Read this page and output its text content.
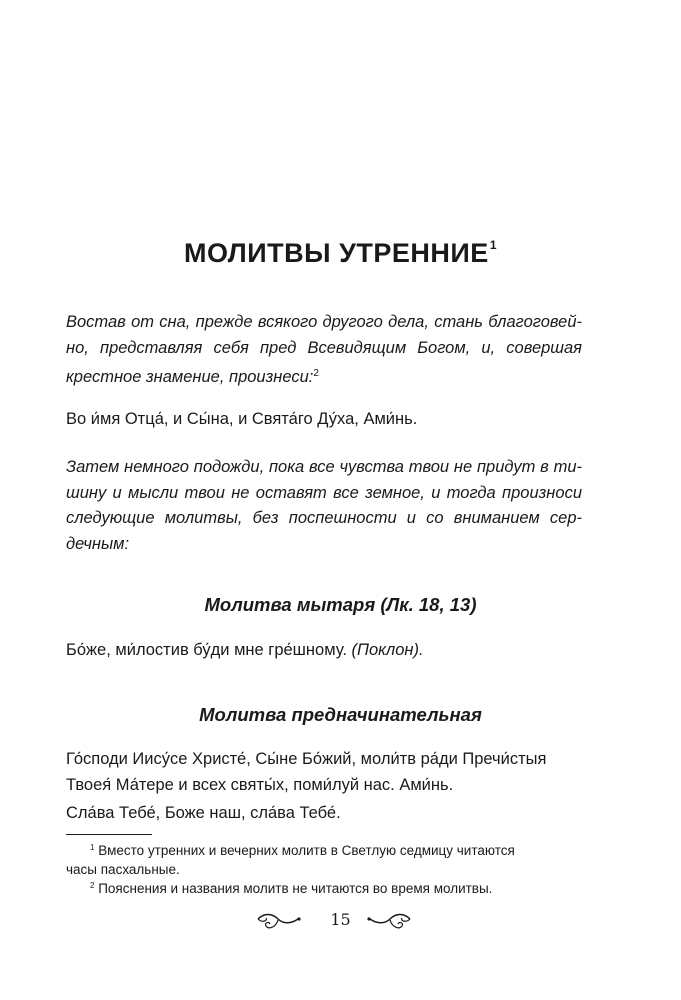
МОЛИТВЫ УТРЕННИЕ$^1$
Востав от сна, прежде всякого другого дела, стань благоговей-
но, представляя себя пред Всевидящим Богом, и, совершая
крестное знамение, произнеси:$^2$
Во и́мя Отца́, и Сы́на, и Свята́го Ду́ха, Ами́нь.
Затем немного подожди, пока все чувства твои не придут в ти-
шину и мысли твои не оставят все земное, и тогда произноси
следующие молитвы, без поспешности и со вниманием сер-
дечным:
Молитва мытаря (Лк. 18, 13)
Бо́же, ми́лостив бу́ди мне гре́шному. (Поклон).
Молитва предначинательная
Го́споди Иису́се Христе́, Сы́не Бо́жий, моли́тв ра́ди Пречи́стыя
Твоея́ Ма́тере и всех святы́х, поми́луй нас. Ами́нь.
Сла́ва Тебе́, Боже наш, сла́ва Тебе́.
$^1$ Вместо утренних и вечерних молитв в Светлую седмицу читаются
часы пасхальные.
$^2$ Пояснения и названия молитв не читаются во время молитвы.
15
